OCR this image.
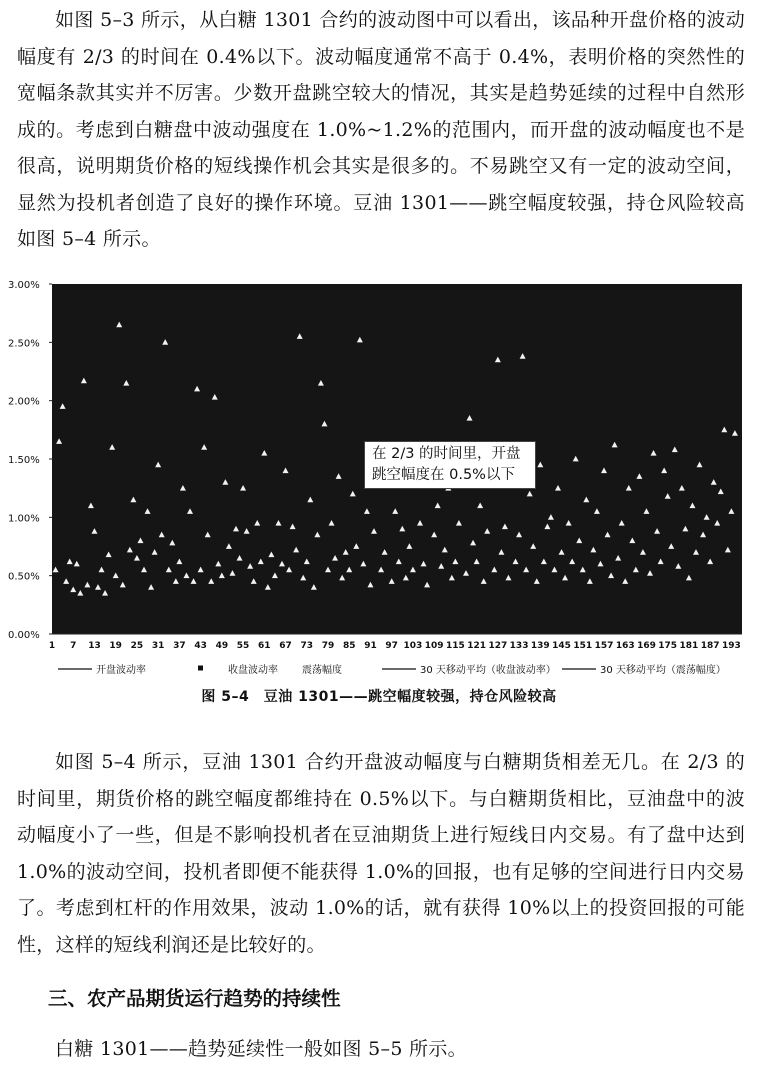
如图 5–3 所示，从白糖 1301 合约的波动图中可以看出，该品种开盘价格的波动幅度有 2/3 的时间在 0.4%以下。波动幅度通常不高于 0.4%，表明价格的突然性的宽幅条款其实并不厉害。少数开盘跳空较大的情况，其实是趋势延续的过程中自然形成的。考虑到白糖盘中波动强度在 1.0%~1.2%的范围内，而开盘的波动幅度也不是很高，说明期货价格的短线操作机会其实是很多的。不易跳空又有一定的波动空间，显然为投机者创造了良好的操作环境。豆油 1301——跳空幅度较强，持仓风险较高如图 5–4 所示。

0.00%
0.50%
1.00%
1.50%
2.00%
2.50%
3.00%
1 7 13 19 25 31 37 43 49 55 61 67 73 79 85 91 97 103 109 115 121 127 133 139 145 151 157 163 169 175 181 187 193
开盘波动率	收盘波动率 震荡幅度	30 天移动平均（收盘波动率）	30 天移动平均（震荡幅度）
在 2/3 的时间里，开盘
跳空幅度在 0.5%以下
图 5–4　豆油 1301——跳空幅度较强，持仓风险较高

如图 5–4 所示，豆油 1301 合约开盘波动幅度与白糖期货相差无几。在 2/3 的时间里，期货价格的跳空幅度都维持在 0.5%以下。与白糖期货相比，豆油盘中的波动幅度小了一些，但是不影响投机者在豆油期货上进行短线日内交易。有了盘中达到 1.0%的波动空间，投机者即便不能获得 1.0%的回报，也有足够的空间进行日内交易了。考虑到杠杆的作用效果，波动 1.0%的话，就有获得 10%以上的投资回报的可能性，这样的短线利润还是比较好的。

三、农产品期货运行趋势的持续性

白糖 1301——趋势延续性一般如图 5–5 所示。
